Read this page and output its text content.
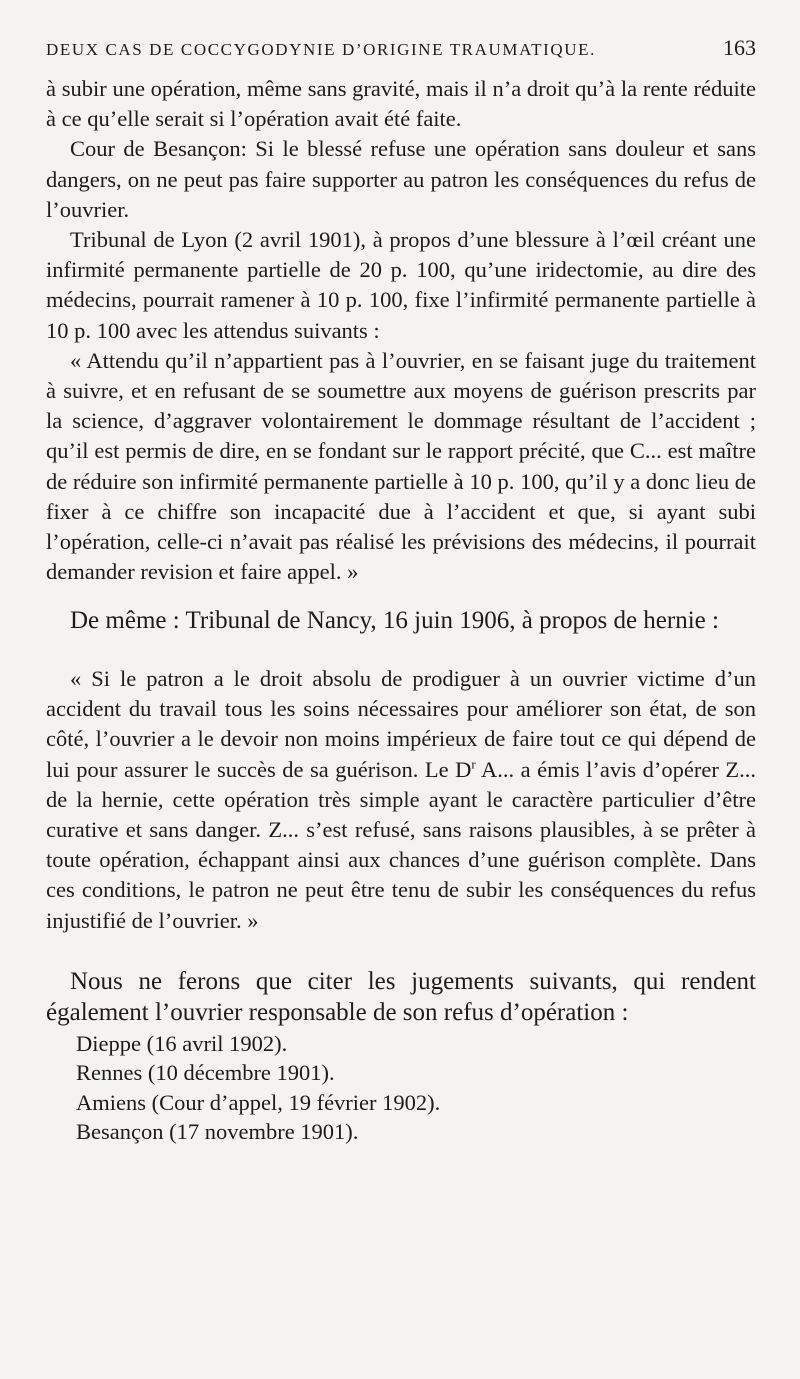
DEUX CAS DE COCCYGODYNIE D’ORIGINE TRAUMATIQUE.	163

à subir une opération, même sans gravité, mais il n’a droit qu’à la rente réduite à ce qu’elle serait si l’opération avait été faite.

Cour de Besançon: Si le blessé refuse une opération sans douleur et sans dangers, on ne peut pas faire supporter au patron les conséquences du refus de l’ouvrier.

Tribunal de Lyon (2 avril 1901), à propos d’une blessure à l’œil créant une infirmité permanente partielle de 20 p. 100, qu’une iridectomie, au dire des médecins, pourrait ramener à 10 p. 100, fixe l’infirmité permanente partielle à 10 p. 100 avec les attendus suivants :

« Attendu qu’il n’appartient pas à l’ouvrier, en se faisant juge du traitement à suivre, et en refusant de se soumettre aux moyens de guérison prescrits par la science, d’aggraver volontairement le dommage résultant de l’accident ; qu’il est permis de dire, en se fondant sur le rapport précité, que C... est maître de réduire son infirmité permanente partielle à 10 p. 100, qu’il y a donc lieu de fixer à ce chiffre son incapacité due à l’accident et que, si ayant subi l’opération, celle-ci n’avait pas réalisé les prévisions des médecins, il pourrait demander revision et faire appel. »

De même : Tribunal de Nancy, 16 juin 1906, à propos de hernie :

« Si le patron a le droit absolu de prodiguer à un ouvrier victime d’un accident du travail tous les soins nécessaires pour améliorer son état, de son côté, l’ouvrier a le devoir non moins impérieux de faire tout ce qui dépend de lui pour assurer le succès de sa guérison. Le $D^r$ A... a émis l’avis d’opérer Z... de la hernie, cette opération très simple ayant le caractère particulier d’être curative et sans danger. Z... s’est refusé, sans raisons plausibles, à se prêter à toute opération, échappant ainsi aux chances d’une guérison complète. Dans ces conditions, le patron ne peut être tenu de subir les conséquences du refus injustifié de l’ouvrier. »

Nous ne ferons que citer les jugements suivants, qui rendent également l’ouvrier responsable de son refus d’opération :

Dieppe (16 avril 1902).
Rennes (10 décembre 1901).
Amiens (Cour d’appel, 19 février 1902).
Besançon (17 novembre 1901).
